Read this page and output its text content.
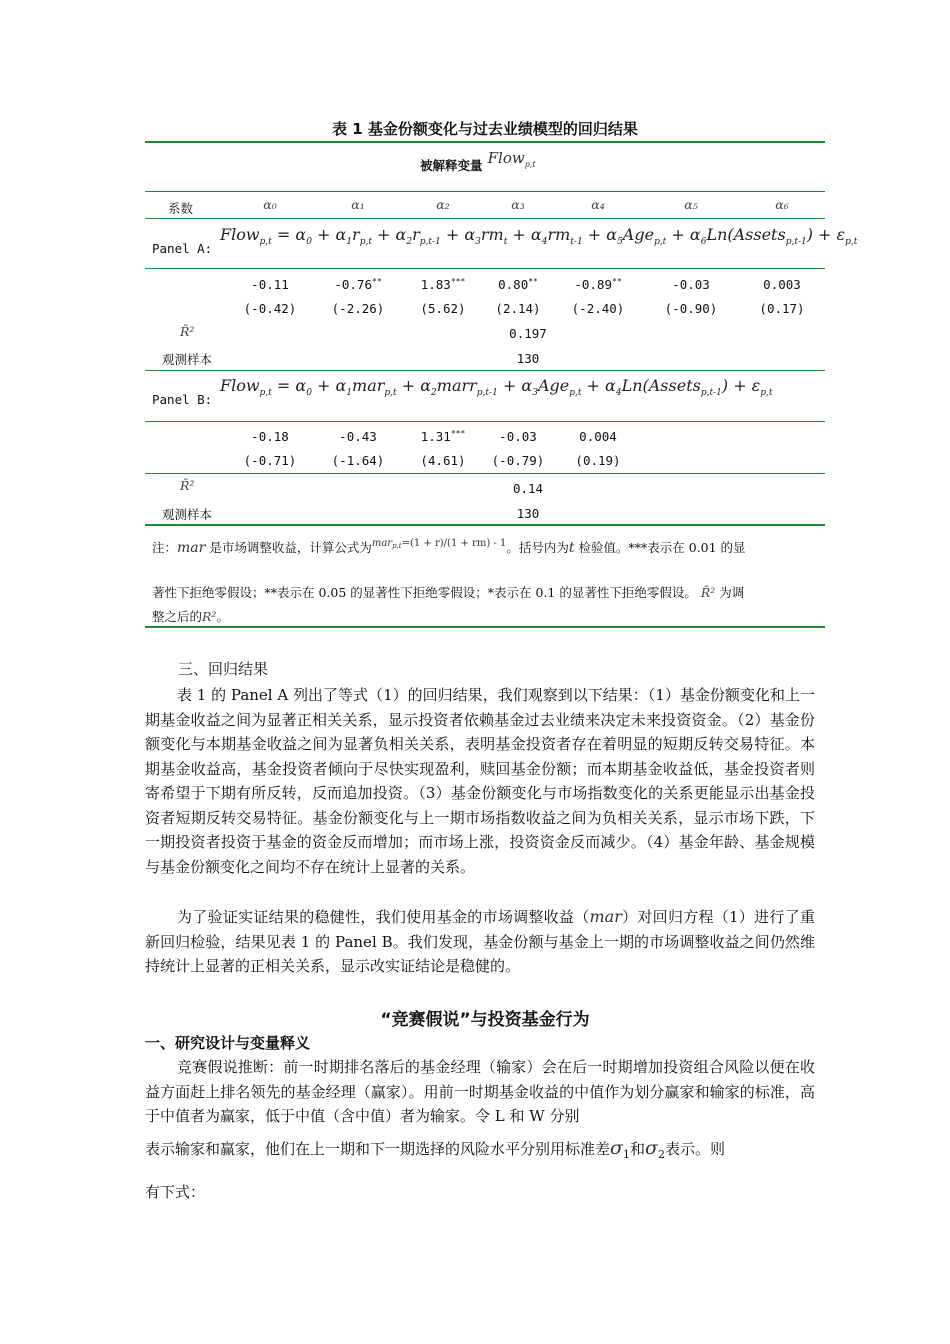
表 1 基金份额变化与过去业绩模型的回归结果
$_{被解释变量}$ Flow$_{p,t}$
系数	α₀	α₁	α₂	α₃	α₄	α₅	α₆
Panel A:
Flow$_{p,t}$ = $\alpha_0 + \alpha_1r_{p,t} + \alpha_2r_{p,t-1} + \alpha_3rm_t + \alpha_4rm_{t-1} + \alpha_5Age_{p,t}$ + $\alpha_6Ln(Assets_{p,t-1}) + \varepsilon_{p,t}$
-0.11	-0.76**	1.83***	0.80**	-0.89**	-0.03	0.003
(-0.42)	(-2.26)	(5.62)	(2.14)	(-2.40)	(-0.90)	(0.17)
R̄²	0.197
观测样本	130
Panel B:
Flow$_{p,t}$ = $\alpha_0 + \alpha_1mar_{p,t}$ + $\alpha_2marr_{p,t-1} + \alpha_3Age_{p,t}$ + $\alpha_4Ln(Assets_{p,t-1}) + \varepsilon_{p,t}$
-0.18	-0.43	1.31***	-0.03	0.004
(-0.71)	(-1.64)	(4.61)	(-0.79)	(0.19)
R̄²	0.14
观测样本	130
注：mar 是市场调整收益，计算公式为$^{marp,t=(1 + r)/(1 + rm) - 1}$。括号内为t 检验值。***表示在 0.01 的显
著性下拒绝零假设；**表示在 0.05 的显著性下拒绝零假设；*表示在 0.1 的显著性下拒绝零假设。 R̄² 为调
整之后的R²。
三、回归结果
表 1 的 Panel A 列出了等式（1）的回归结果，我们观察到以下结果：（1）基金份额变化和上一期基金收益之间为显著正相关关系，显示投资者依赖基金过去业绩来决定未来投资资金。（2）基金份额变化与本期基金收益之间为显著负相关关系，表明基金投资者存在着明显的短期反转交易特征。本期基金收益高，基金投资者倾向于尽快实现盈利，赎回基金份额；而本期基金收益低，基金投资者则寄希望于下期有所反转，反而追加投资。（3）基金份额变化与市场指数变化的关系更能显示出基金投资者短期反转交易特征。基金份额变化与上一期市场指数收益之间为负相关关系，显示市场下跌，下一期投资者投资于基金的资金反而增加；而市场上涨，投资资金反而减少。（4）基金年龄、基金规模与基金份额变化之间均不存在统计上显著的关系。
为了验证实证结果的稳健性，我们使用基金的市场调整收益（mar）对回归方程（1）进行了重新回归检验，结果见表 1 的 Panel B。我们发现，基金份额与基金上一期的市场调整收益之间仍然维持统计上显著的正相关关系，显示改实证结论是稳健的。
“竞赛假说”与投资基金行为
一、研究设计与变量释义
竞赛假说推断：前一时期排名落后的基金经理（输家）会在后一时期增加投资组合风险以便在收益方面赶上排名领先的基金经理（赢家）。用前一时期基金收益的中值作为划分赢家和输家的标准，高于中值者为赢家，低于中值（含中值）者为输家。令 L 和 W 分别
表示输家和赢家，他们在上一期和下一期选择的风险水平分别用标准差$\sigma_1$和$\sigma_2$表示。则
有下式：
